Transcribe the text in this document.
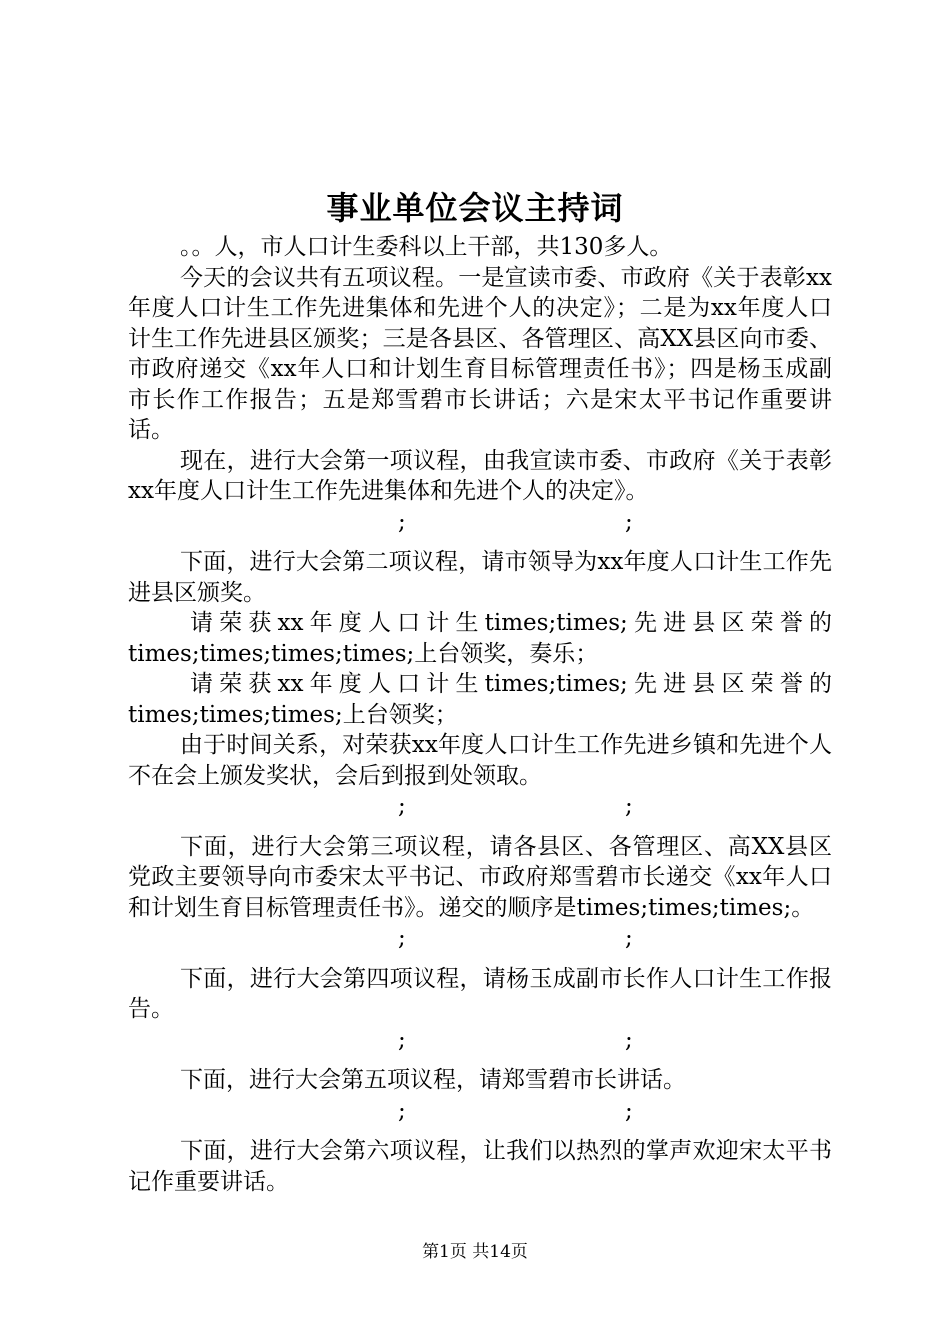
事业单位会议主持词

。。人，市人口计生委科以上干部，共130多人。

今天的会议共有五项议程。一是宣读市委、市政府《关于表彰xx年度人口计生工作先进集体和先进个人的决定》；二是为xx年度人口计生工作先进县区颁奖；三是各县区、各管理区、高XX县区向市委、市政府递交《xx年人口和计划生育目标管理责任书》；四是杨玉成副市长作工作报告；五是郑雪碧市长讲话；六是宋太平书记作重要讲话。

现在，进行大会第一项议程，由我宣读市委、市政府《关于表彰xx年度人口计生工作先进集体和先进个人的决定》。

;	;

下面，进行大会第二项议程，请市领导为xx年度人口计生工作先进县区颁奖。

请荣获xx年度人口计生times;times;先进县区荣誉的times;times;times;times;上台领奖，奏乐；

请荣获xx年度人口计生times;times;先进县区荣誉的times;times;times;上台领奖；

由于时间关系，对荣获xx年度人口计生工作先进乡镇和先进个人不在会上颁发奖状，会后到报到处领取。

;	;

下面，进行大会第三项议程，请各县区、各管理区、高XX县区党政主要领导向市委宋太平书记、市政府郑雪碧市长递交《xx年人口和计划生育目标管理责任书》。递交的顺序是times;times;times;。

;	;

下面，进行大会第四项议程，请杨玉成副市长作人口计生工作报告。

;	;

下面，进行大会第五项议程，请郑雪碧市长讲话。

;	;

下面，进行大会第六项议程，让我们以热烈的掌声欢迎宋太平书记作重要讲话。

第1页 共14页
